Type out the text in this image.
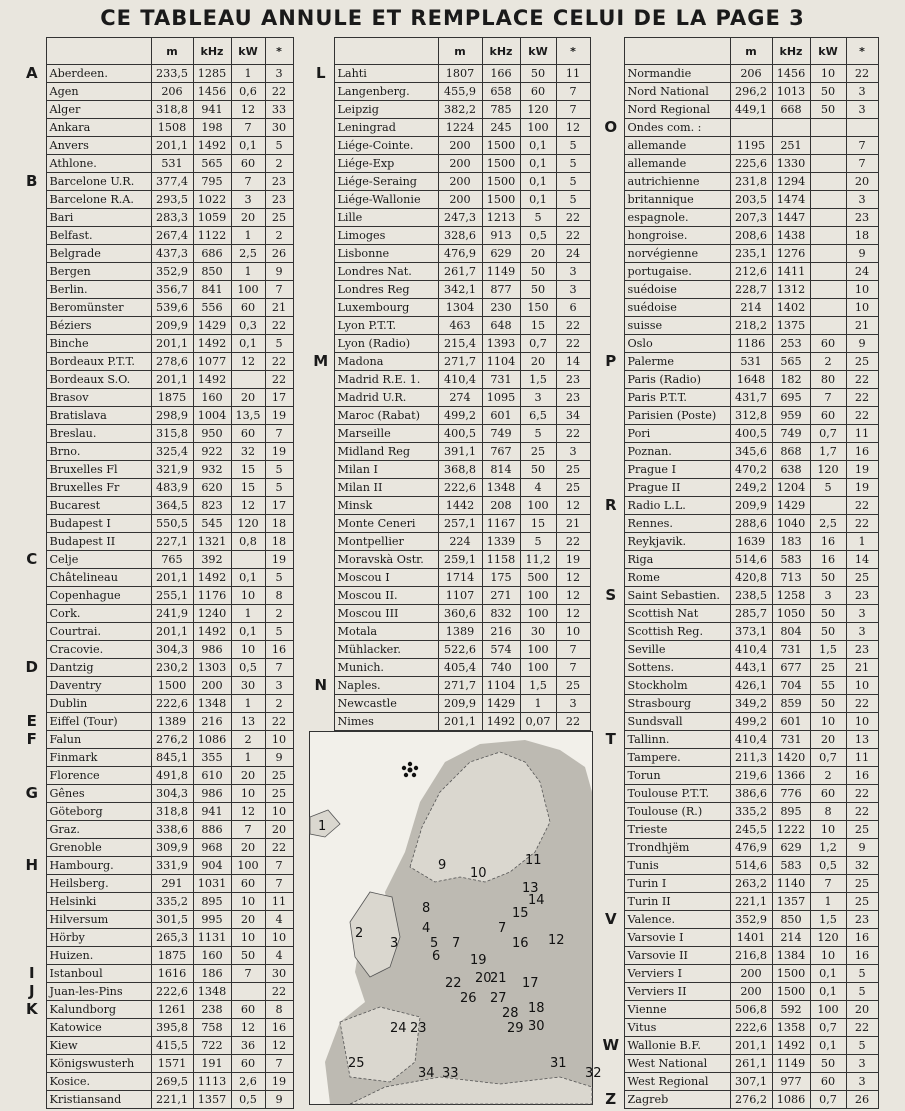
CE TABLEAU ANNULE ET REMPLACE CELUI DE LA PAGE 3
		m	kHz	kW	*
A	Aberdeen.	233,5	1285	1	3
	Agen	206	1456	0,6	22
	Alger	318,8	941	12	33
	Ankara	1508	198	7	30
	Anvers	201,1	1492	0,1	5
	Athlone.	531	565	60	2
B	Barcelone U.R.	377,4	795	7	23
	Barcelone R.A.	293,5	1022	3	23
	Bari	283,3	1059	20	25
	Belfast.	267,4	1122	1	2
	Belgrade	437,3	686	2,5	26
	Bergen	352,9	850	1	9
	Berlin.	356,7	841	100	7
	Beromünster	539,6	556	60	21
	Béziers	209,9	1429	0,3	22
	Binche	201,1	1492	0,1	5
	Bordeaux P.T.T.	278,6	1077	12	22
	Bordeaux S.O.	201,1	1492		22
	Brasov	1875	160	20	17
	Bratislava	298,9	1004	13,5	19
	Breslau.	315,8	950	60	7
	Brno.	325,4	922	32	19
	Bruxelles Fl	321,9	932	15	5
	Bruxelles Fr	483,9	620	15	5
	Bucarest	364,5	823	12	17
	Budapest I	550,5	545	120	18
	Budapest II	227,1	1321	0,8	18
C	Celje	765	392		19
	Châtelineau	201,1	1492	0,1	5
	Copenhague	255,1	1176	10	8
	Cork.	241,9	1240	1	2
	Courtrai.	201,1	1492	0,1	5
	Cracovie.	304,3	986	10	16
D	Dantzig	230,2	1303	0,5	7
	Daventry	1500	200	30	3
	Dublin	222,6	1348	1	2
E	Eiffel (Tour)	1389	216	13	22
F	Falun	276,2	1086	2	10
	Finmark	845,1	355	1	9
	Florence	491,8	610	20	25
G	Gênes	304,3	986	10	25
	Göteborg	318,8	941	12	10
	Graz.	338,6	886	7	20
	Grenoble	309,9	968	20	22
H	Hambourg.	331,9	904	100	7
	Heilsberg.	291	1031	60	7
	Helsinki	335,2	895	10	11
	Hilversum	301,5	995	20	4
	Hörby	265,3	1131	10	10
	Huizen.	1875	160	50	4
I	Istanboul	1616	186	7	30
J	Juan-les-Pins	222,6	1348		22
K	Kalundborg	1261	238	60	8
	Katowice	395,8	758	12	16
	Kiew	415,5	722	36	12
	Königswusterh	1571	191	60	7
	Kosice.	269,5	1113	2,6	19
	Kristiansand	221,1	1357	0,5	9
		m	kHz	kW	*
L	Lahti	1807	166	50	11
	Langenberg.	455,9	658	60	7
	Leipzig	382,2	785	120	7
	Leningrad	1224	245	100	12
	Liége-Cointe.	200	1500	0,1	5
	Liége-Exp	200	1500	0,1	5
	Liége-Seraing	200	1500	0,1	5
	Liége-Wallonie	200	1500	0,1	5
	Lille	247,3	1213	5	22
	Limoges	328,6	913	0,5	22
	Lisbonne	476,9	629	20	24
	Londres Nat.	261,7	1149	50	3
	Londres Reg	342,1	877	50	3
	Luxembourg	1304	230	150	6
	Lyon P.T.T.	463	648	15	22
	Lyon (Radio)	215,4	1393	0,7	22
M	Madona	271,7	1104	20	14
	Madrid R.E. 1.	410,4	731	1,5	23
	Madrid U.R.	274	1095	3	23
	Maroc (Rabat)	499,2	601	6,5	34
	Marseille	400,5	749	5	22
	Midland Reg	391,1	767	25	3
	Milan I	368,8	814	50	25
	Milan II	222,6	1348	4	25
	Minsk	1442	208	100	12
	Monte Ceneri	257,1	1167	15	21
	Montpellier	224	1339	5	22
	Moravskà Ostr.	259,1	1158	11,2	19
	Moscou I	1714	175	500	12
	Moscou II.	1107	271	100	12
	Moscou III	360,6	832	100	12
	Motala	1389	216	30	10
	Mühlacker.	522,6	574	100	7
	Munich.	405,4	740	100	7
N	Naples.	271,7	1104	1,5	25
	Newcastle	209,9	1429	1	3
	Nimes	201,1	1492	0,07	22
		m	kHz	kW	*
	Normandie	206	1456	10	22
	Nord National	296,2	1013	50	3
	Nord Regional	449,1	668	50	3
O	Ondes com. :				
	allemande	1195	251		7
	allemande	225,6	1330		7
	autrichienne	231,8	1294		20
	britannique	203,5	1474		3
	espagnole.	207,3	1447		23
	hongroise.	208,6	1438		18
	norvégienne	235,1	1276		9
	portugaise.	212,6	1411		24
	suédoise	228,7	1312		10
	suédoise	214	1402		10
	suisse	218,2	1375		21
	Oslo	1186	253	60	9
P	Palerme	531	565	2	25
	Paris (Radio)	1648	182	80	22
	Paris P.T.T.	431,7	695	7	22
	Parisien (Poste)	312,8	959	60	22
	Pori	400,5	749	0,7	11
	Poznan.	345,6	868	1,7	16
	Prague I	470,2	638	120	19
	Prague II	249,2	1204	5	19
R	Radio L.L.	209,9	1429		22
	Rennes.	288,6	1040	2,5	22
	Reykjavik.	1639	183	16	1
	Riga	514,6	583	16	14
	Rome	420,8	713	50	25
S	Saint Sebastien.	238,5	1258	3	23
	Scottish Nat	285,7	1050	50	3
	Scottish Reg.	373,1	804	50	3
	Seville	410,4	731	1,5	23
	Sottens.	443,1	677	25	21
	Stockholm	426,1	704	55	10
	Strasbourg	349,2	859	50	22
	Sundsvall	499,2	601	10	10
T	Tallinn.	410,4	731	20	13
	Tampere.	211,3	1420	0,7	11
	Torun	219,6	1366	2	16
	Toulouse P.T.T.	386,6	776	60	22
	Toulouse (R.)	335,2	895	8	22
	Trieste	245,5	1222	10	25
	Trondhjëm	476,9	629	1,2	9
	Tunis	514,6	583	0,5	32
	Turin I	263,2	1140	7	25
	Turin II	221,1	1357	1	25
V	Valence.	352,9	850	1,5	23
	Varsovie I	1401	214	120	16
	Varsovie II	216,8	1384	10	16
	Verviers I	200	1500	0,1	5
	Verviers II	200	1500	0,1	5
	Vienne	506,8	592	100	20
	Vitus	222,6	1358	0,7	22
W	Wallonie B.F.	201,1	1492	0,1	5
	West National	261,1	1149	50	3
	West Regional	307,1	977	60	3
Z	Zagreb	276,2	1086	0,7	26
1
2
3
4
5
6
7
7
8
9
10
11
12
13
14
15
16
17
18
19
20
21
22
23
24
25
26 27
28
29 30
31
32
33
34
